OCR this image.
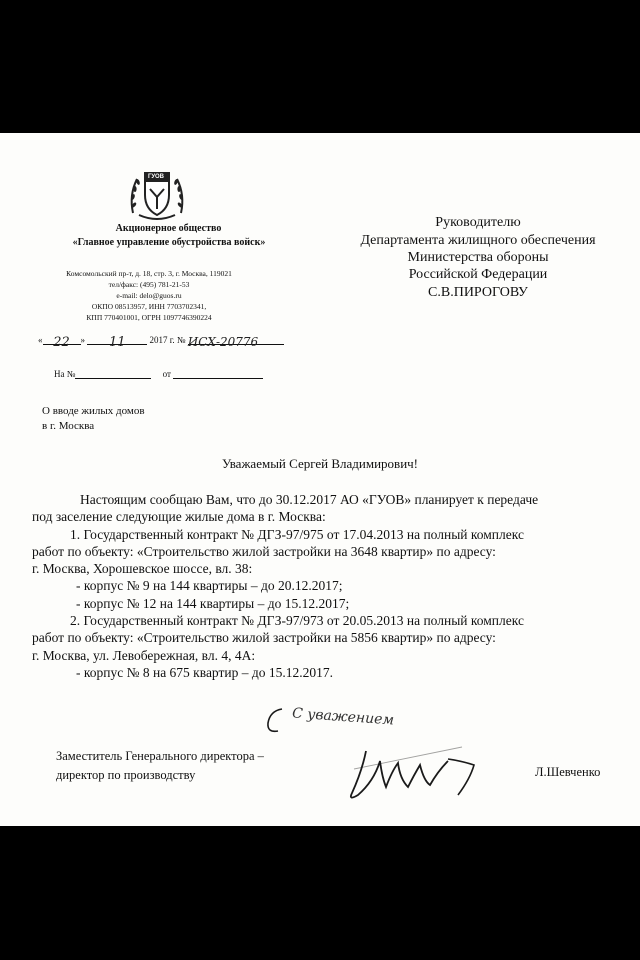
ГУОВ
Акционерное общество
«Главное управление обустройства войск»
Комсомольский пр-т, д. 18, стр. 3, г. Москва, 119021
тел/факс: (495) 781-21-53
e-mail: delo@guos.ru
ОКПО 08513957, ИНН 7703702341,
КПП 770401001, ОГРН 1097746390224
« 22 » 11	2017 г. № ИСХ-20776
На №	от
Руководителю
Департамента жилищного обеспечения
Министерства обороны
Российской Федерации
С.В.ПИРОГОВУ
О вводе жилых домов
в г. Москва
Уважаемый Сергей Владимирович!

Настоящим сообщаю Вам, что до 30.12.2017 АО «ГУОВ» планирует к передаче

под заселение следующие жилые дома в г. Москва:

1. Государственный контракт № ДГЗ-97/975 от 17.04.2013 на полный комплекс

работ по объекту: «Строительство жилой застройки на 3648 квартир» по адресу:

г. Москва, Хорошевское шоссе, вл. 38:

- корпус № 9 на 144 квартиры – до 20.12.2017;

- корпус № 12 на 144 квартиры – до 15.12.2017;

2. Государственный контракт № ДГЗ-97/973 от 20.05.2013 на полный комплекс

работ по объекту: «Строительство жилой застройки на 5856 квартир» по адресу:

г. Москва, ул. Левобережная, вл. 4, 4А:

- корпус № 8 на 675 квартир – до 15.12.2017.

С уважением
Заместитель Генерального директора –
директор по производству	Л.Шевченко
